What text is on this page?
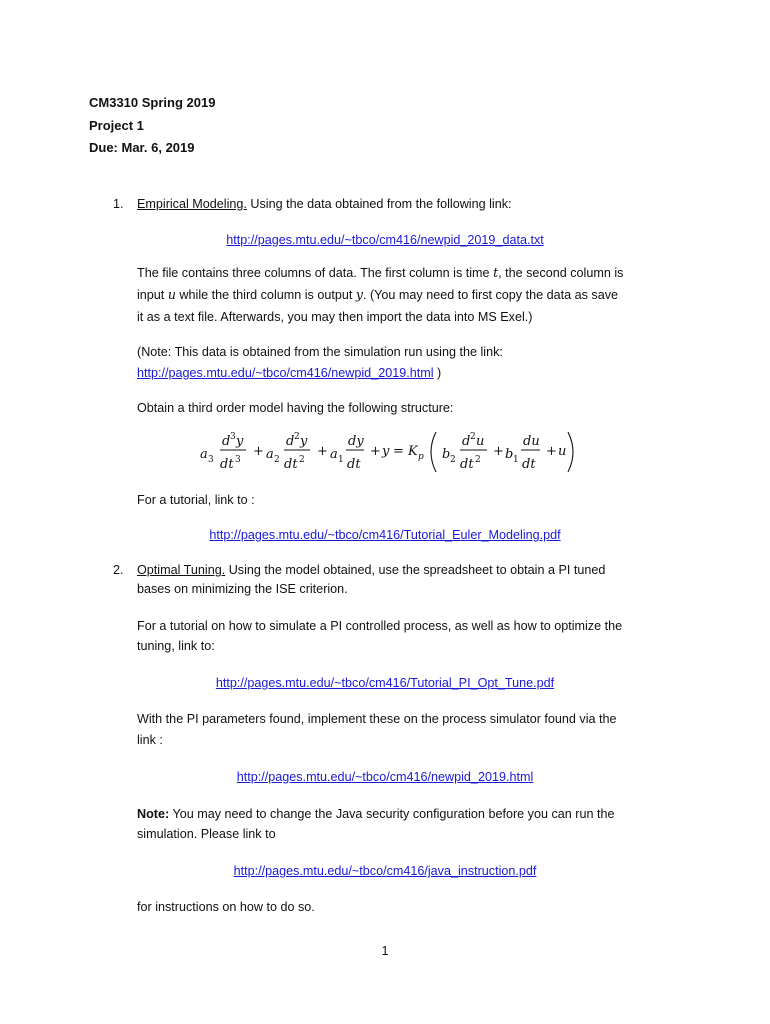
CM3310 Spring 2019
Project 1
Due: Mar. 6, 2019
1. Empirical Modeling. Using the data obtained from the following link:
http://pages.mtu.edu/~tbco/cm416/newpid_2019_data.txt
The file contains three columns of data. The first column is time t, the second column is
input u while the third column is output y. (You may need to first copy the data as save
it as a text file. Afterwards, you may then import the data into MS Exel.)
(Note: This data is obtained from the simulation run using the link:
http://pages.mtu.edu/~tbco/cm416/newpid_2019.html )
Obtain a third order model having the following structure:
a 3
d 3 y
dt 3
+ a 2
d 2 y
dt 2
+ a 1
dy
dt
+ y = K p b 2
d 2 u
dt 2
+ b 1
du
dt
+ u
For a tutorial, link to :
http://pages.mtu.edu/~tbco/cm416/Tutorial_Euler_Modeling.pdf
2. Optimal Tuning. Using the model obtained, use the spreadsheet to obtain a PI tuned
bases on minimizing the ISE criterion.
For a tutorial on how to simulate a PI controlled process, as well as how to optimize the
tuning, link to:
http://pages.mtu.edu/~tbco/cm416/Tutorial_PI_Opt_Tune.pdf
With the PI parameters found, implement these on the process simulator found via the
link :
http://pages.mtu.edu/~tbco/cm416/newpid_2019.html
Note: You may need to change the Java security configuration before you can run the
simulation. Please link to
http://pages.mtu.edu/~tbco/cm416/java_instruction.pdf
for instructions on how to do so.
1
